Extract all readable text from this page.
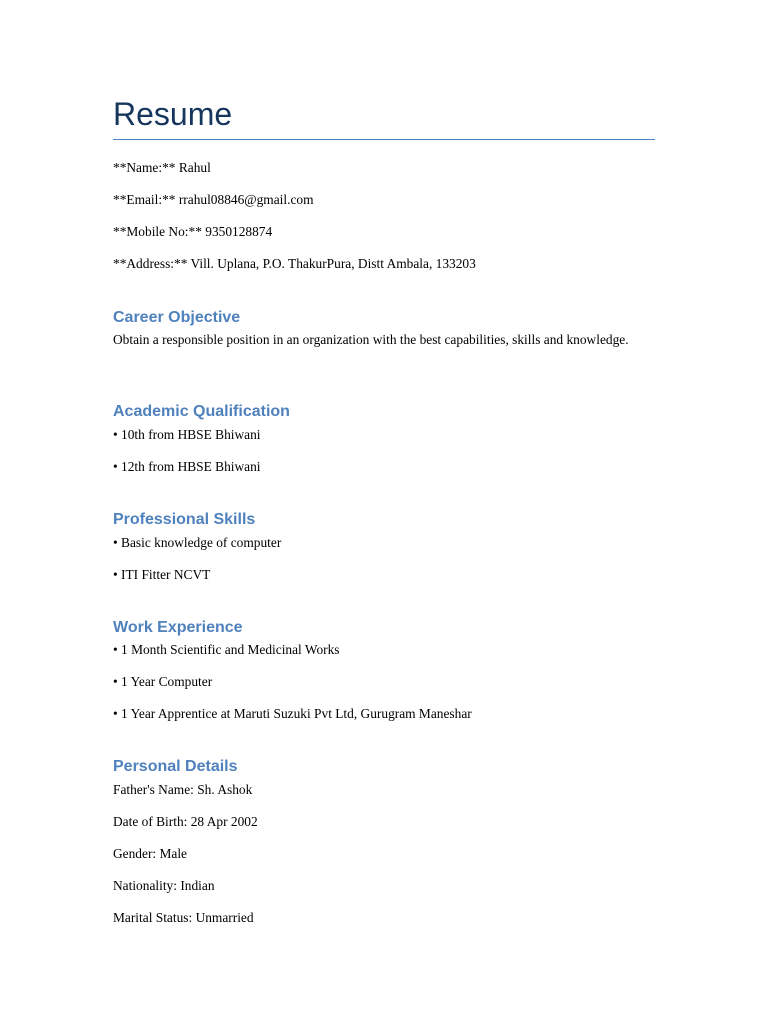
Resume
**Name:** Rahul
**Email:** rrahul08846@gmail.com
**Mobile No:** 9350128874
**Address:** Vill. Uplana, P.O. ThakurPura, Distt Ambala, 133203
Career Objective
Obtain a responsible position in an organization with the best capabilities, skills and knowledge.
Academic Qualification
• 10th from HBSE Bhiwani
• 12th from HBSE Bhiwani
Professional Skills
• Basic knowledge of computer
• ITI Fitter NCVT
Work Experience
• 1 Month Scientific and Medicinal Works
• 1 Year Computer
• 1 Year Apprentice at Maruti Suzuki Pvt Ltd, Gurugram Maneshar
Personal Details
Father's Name: Sh. Ashok
Date of Birth: 28 Apr 2002
Gender: Male
Nationality: Indian
Marital Status: Unmarried
